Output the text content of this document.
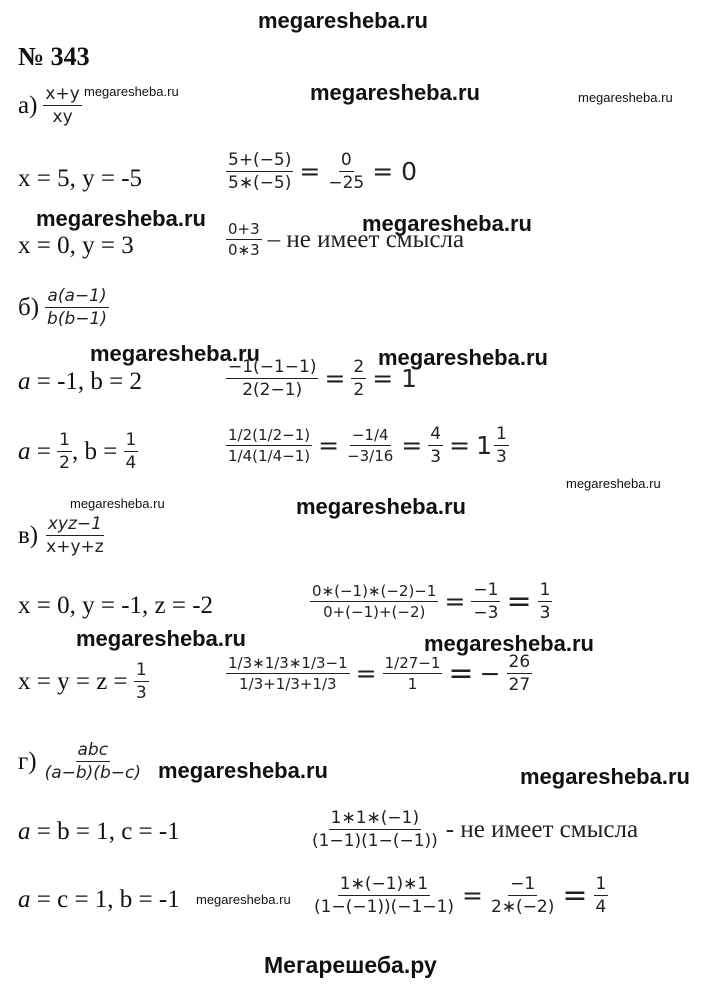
megaresheba.ru
№ 343
$а) \frac{x+y}{xy}$ megaresheba.ru	megaresheba.ru	megaresheba.ru
x = 5, y = -5	$\frac{5+(-5)}{5∗(-5)} = \frac{0}{-25} = 0$
megaresheba.ru	megaresheba.ru
x = 0, y = 3	$\frac{0+3}{0∗3}$ – не имеет смысла
$б) \frac{a(a-1)}{b(b-1)}$
megaresheba.ru	megaresheba.ru
a = -1, b = 2	$\frac{-1(-1-1)}{2(2-1)} = \frac{2}{2} = 1$
$a = \frac{1}{2}$ , $b = \frac{1}{4}$	$\frac{1/2(1/2-1)}{1/4(1/4-1)} = \frac{-1/4}{-3/16} = \frac{4}{3} = 1 \frac{1}{3}$
megaresheba.ru
megaresheba.ru	megaresheba.ru
$в) \frac{\text{xyz−1}}{x+y+z}$
x = 0, y = -1, z = -2	$\frac{0∗(-1)∗(-2)-1}{0+(-1)+(-2)} = \frac{-1}{-3} = \frac{1}{3}$
megaresheba.ru	megaresheba.ru
$x = y = z = \frac{1}{3}$	$\frac{1/3∗1/3∗1/3-1}{1/3+1/3+1/3} = \frac{1/27-1}{1}$ = − $\frac{26}{27}$
$г) \frac{\text{abc}}{(a-b)(b-c)}$ megaresheba.ru	megaresheba.ru
a = b = 1, c = -1	$\frac{1∗1∗(-1)}{(1-1)(1-(-1))}$ - не имеет смысла
a = c = 1, b = -1 megaresheba.ru $\frac{1∗(-1)∗1}{(1-(-1))(-1-1)} = \frac{-1}{2∗(-2)} = \frac{1}{4}$
Мегарешеба.ру
